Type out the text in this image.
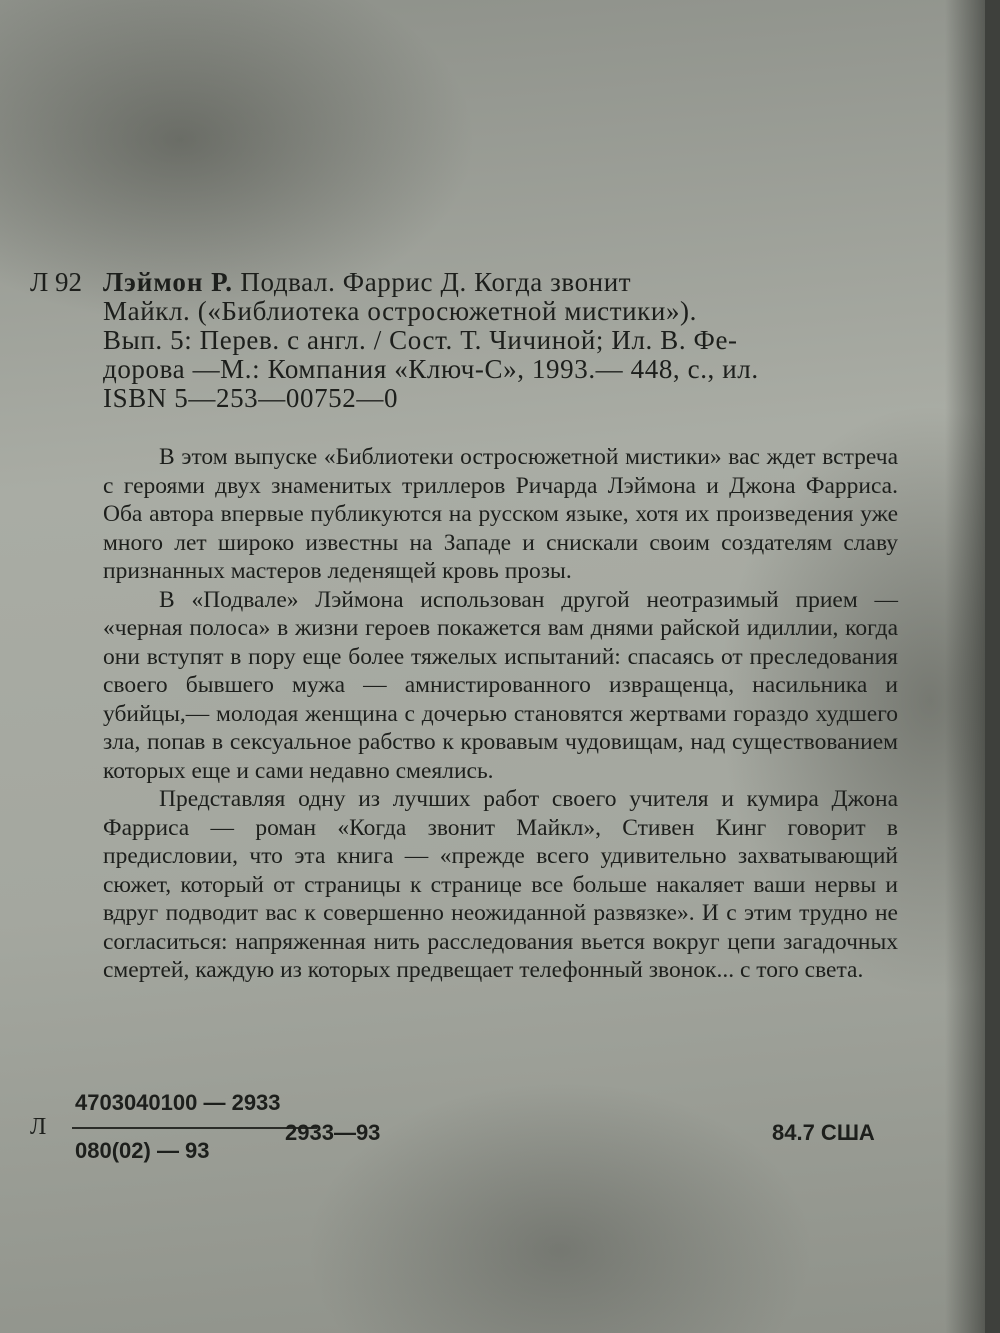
Л 92 Лэймон Р. Подвал. Фаррис Д. Когда звонит
Майкл. («Библиотека остросюжетной мистики»).
Вып. 5: Перев. с англ. / Сост. Т. Чичиной; Ил. В. Фе-
дорова —М.: Компания «Ключ-С», 1993.— 448, с., ил.
ISBN 5—253—00752—0

В этом выпуске «Библиотеки остросюжетной мистики» вас ждет встреча с героями двух знаменитых триллеров Ричарда Лэймона и Джона Фарриса. Оба автора впервые публикуются на русском языке, хотя их произведения уже много лет широко известны на Западе и снискали своим создателям славу признанных мастеров леденящей кровь прозы.

В «Подвале» Лэймона использован другой неотразимый прием — «черная полоса» в жизни героев покажется вам днями райской идиллии, когда они вступят в пору еще более тяжелых испытаний: спасаясь от преследования своего бывшего мужа — амнистированного извращенца, насильника и убийцы,— молодая женщина с дочерью становятся жертвами гораздо худшего зла, попав в сексуальное рабство к кровавым чудовищам, над существованием которых еще и сами недавно смеялись.

Представляя одну из лучших работ своего учителя и кумира Джона Фарриса — роман «Когда звонит Майкл», Стивен Кинг говорит в предисловии, что эта книга — «прежде всего удивительно захватывающий сюжет, который от страницы к странице все больше накаляет ваши нервы и вдруг подводит вас к совершенно неожиданной развязке». И с этим трудно не согласиться: напряженная нить расследования вьется вокруг цепи загадочных смертей, каждую из которых предвещает телефонный звонок... с того света.

Л
4703040100 — 2933
080(02) — 93
2933—93	84.7 США
